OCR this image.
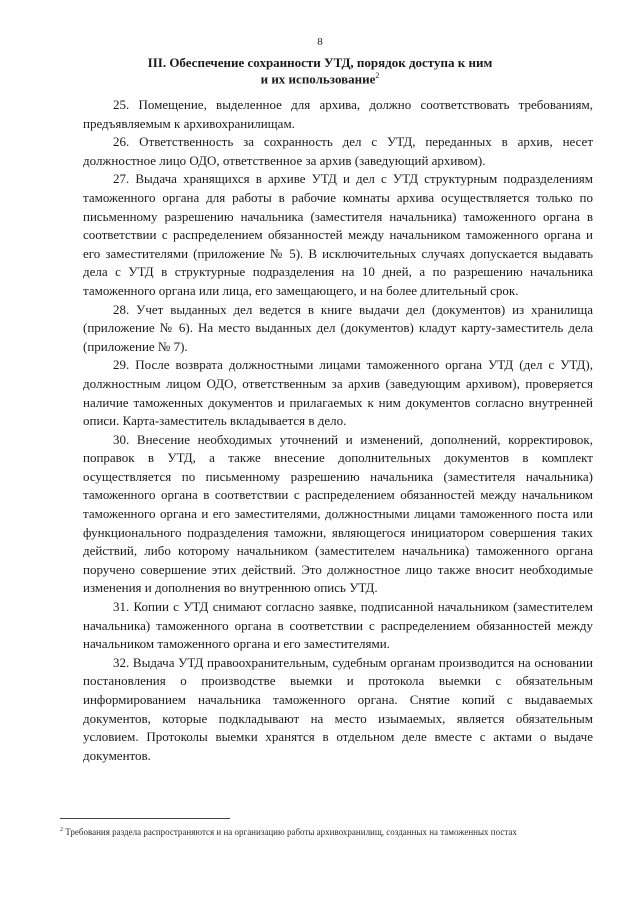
8
III. Обеспечение сохранности УТД, порядок доступа к ним
и их использование$^2$

25. Помещение, выделенное для архива, должно соответствовать требованиям, предъявляемым к архивохранилищам.

26. Ответственность за сохранность дел с УТД, переданных в архив, несет должностное лицо ОДО, ответственное за архив (заведующий архивом).

27. Выдача хранящихся в архиве УТД и дел с УТД структурным подразделениям таможенного органа для работы в рабочие комнаты архива осуществляется только по письменному разрешению начальника (заместителя начальника) таможенного органа в соответствии с распределением обязанностей между начальником таможенного органа и его заместителями (приложение № 5). В исключительных случаях допускается выдавать дела с УТД в структурные подразделения на 10 дней, а по разрешению начальника таможенного органа или лица, его замещающего, и на более длительный срок.

28. Учет выданных дел ведется в книге выдачи дел (документов) из хранилища (приложение № 6). На место выданных дел (документов) кладут карту-заместитель дела (приложение № 7).

29. После возврата должностными лицами таможенного органа УТД (дел с УТД), должностным лицом ОДО, ответственным за архив (заведующим архивом), проверяется наличие таможенных документов и прилагаемых к ним документов согласно внутренней описи. Карта-заместитель вкладывается в дело.

30. Внесение необходимых уточнений и изменений, дополнений, корректировок, поправок в УТД, а также внесение дополнительных документов в комплект осуществляется по письменному разрешению начальника (заместителя начальника) таможенного органа в соответствии с распределением обязанностей между начальником таможенного органа и его заместителями, должностными лицами таможенного поста или функционального подразделения таможни, являющегося инициатором совершения таких действий, либо которому начальником (заместителем начальника) таможенного органа поручено совершение этих действий. Это должностное лицо также вносит необходимые изменения и дополнения во внутреннюю опись УТД.

31. Копии с УТД снимают согласно заявке, подписанной начальником (заместителем начальника) таможенного органа в соответствии с распределением обязанностей между начальником таможенного органа и его заместителями.

32. Выдача УТД правоохранительным, судебным органам производится на основании постановления о производстве выемки и протокола выемки с обязательным информированием начальника таможенного органа. Снятие копий с выдаваемых документов, которые подкладывают на место изымаемых, является обязательным условием. Протоколы выемки хранятся в отдельном деле вместе с актами о выдаче документов.

$^2$ Требования раздела распространяются и на организацию работы архивохранилищ, созданных на таможенных постах
